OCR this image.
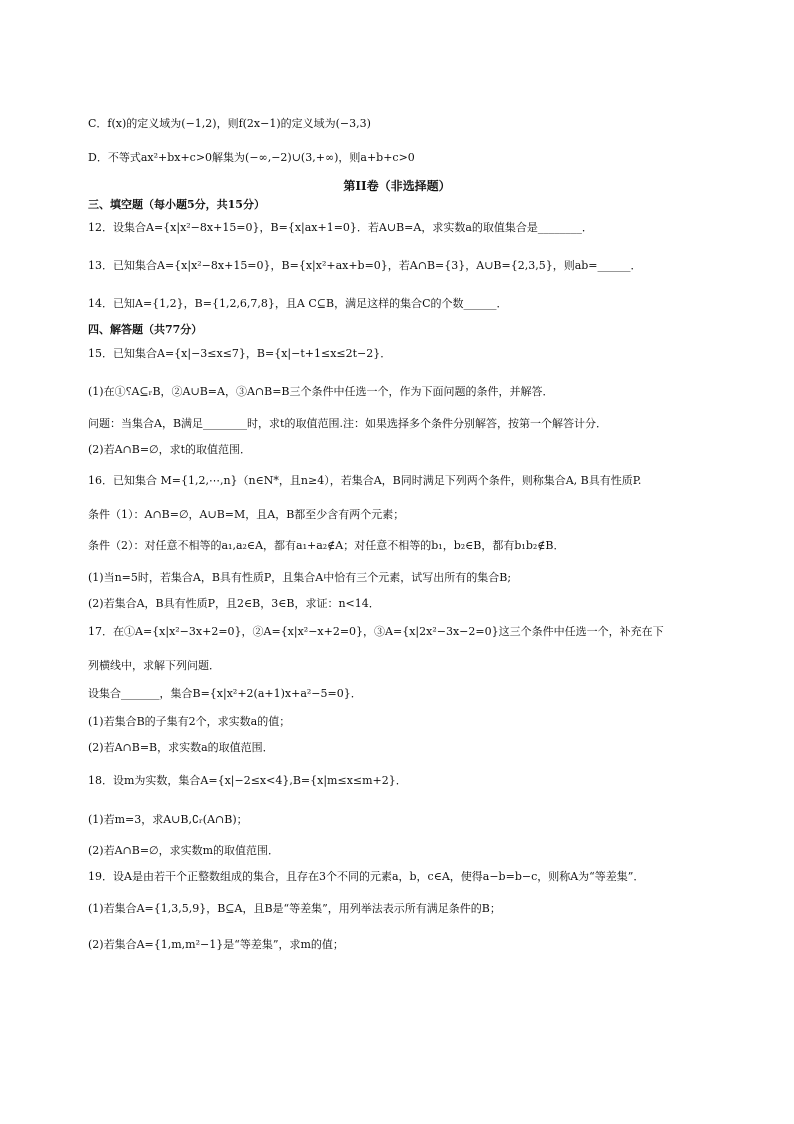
第II卷（非选择题）
C．f(x)的定义域为(−1,2)，则f(2x−1)的定义域为(−3,3)
D．不等式ax²+bx+c>0解集为(−∞,−2)∪(3,+∞)，则a+b+c>0
三、填空题（每小题5分，共15分）
12．设集合A={x|x²−8x+15=0}，B={x|ax+1=0}．若A∪B=A，求实数a的取值集合是________．
13．已知集合A={x|x²−8x+15=0}，B={x|x²+ax+b=0}，若A∩B={3}，A∪B={2,3,5}，则ab=______．
14．已知A={1,2}，B={1,2,6,7,8}，且A C⊆B，满足这样的集合C的个数______．
四、解答题（共77分）
15．已知集合A={x|−3≤x≤7}，B={x|−t+1≤x≤2t−2}．
(1)在①⸮A⊆ᵣB，②A∪B=A，③A∩B=B三个条件中任选一个，作为下面问题的条件，并解答．
问题：当集合A，B满足________时，求t的取值范围.注：如果选择多个条件分别解答，按第一个解答计分．
(2)若A∩B=∅，求t的取值范围．
16．已知集合 M={1,2,⋯,n}（n∈N*，且n≥4），若集合A，B同时满足下列两个条件，则称集合A, B具有性质P.
条件（1）：A∩B=∅，A∪B=M，且A，B都至少含有两个元素；
条件（2）：对任意不相等的a₁,a₂∈A，都有a₁+a₂∉A；对任意不相等的b₁，b₂∈B，都有b₁b₂∉B．
(1)当n=5时，若集合A，B具有性质P，且集合A中恰有三个元素，试写出所有的集合B;
(2)若集合A，B具有性质P，且2∈B，3∈B，求证：n<14．
17．在①A={x|x²−3x+2=0}，②A={x|x²−x+2=0}，③A={x|2x²−3x−2=0}这三个条件中任选一个，补充在下
列横线中，求解下列问题．
设集合_______，集合B={x|x²+2(a+1)x+a²−5=0}．
(1)若集合B的子集有2个，求实数a的值；
(2)若A∩B=B，求实数a的取值范围．
18．设m为实数，集合A={x|−2≤x<4},B={x|m≤x≤m+2}．
(1)若m=3，求A∪B,∁ᵣ(A∩B)；
(2)若A∩B=∅，求实数m的取值范围．
19．设A是由若干个正整数组成的集合，且存在3个不同的元素a，b，c∈A，使得a−b=b−c，则称A为“等差集”．
(1)若集合A={1,3,5,9}，B⊆A，且B是“等差集”，用列举法表示所有满足条件的B；
(2)若集合A={1,m,m²−1}是“等差集”，求m的值；
